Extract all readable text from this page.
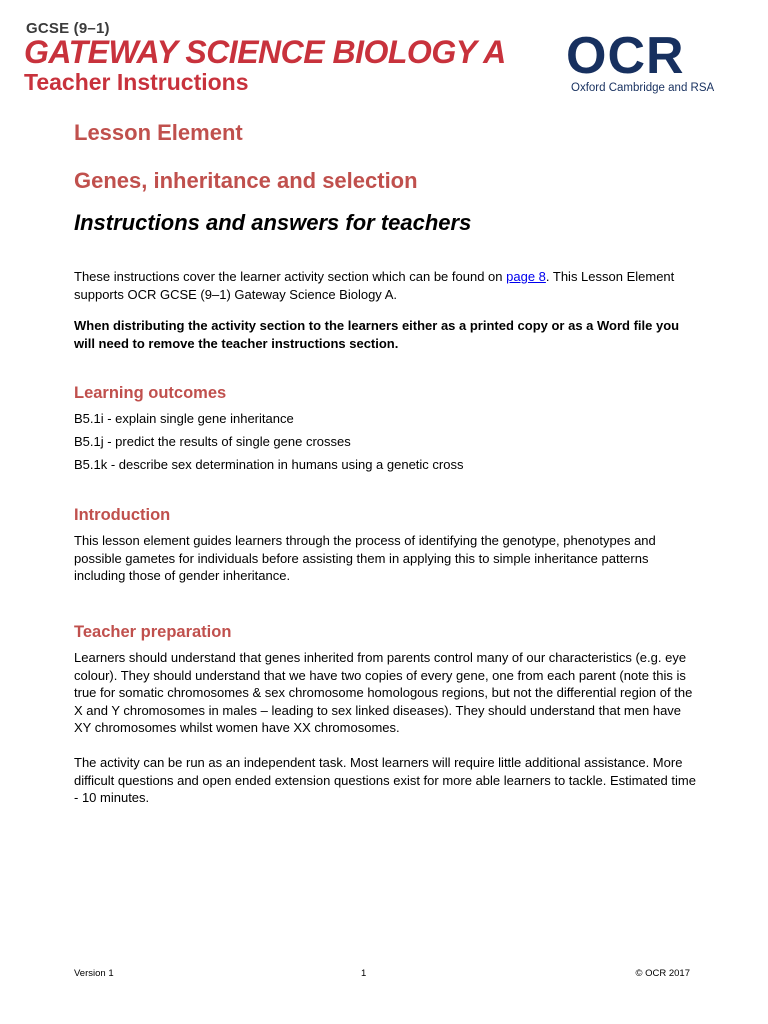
GCSE (9–1)
GATEWAY SCIENCE BIOLOGY A
Teacher Instructions	OCR
Oxford Cambridge and RSA
Lesson Element
Genes, inheritance and selection
Instructions and answers for teachers

These instructions cover the learner activity section which can be found on page 8. This Lesson Element supports OCR GCSE (9–1) Gateway Science Biology A.

When distributing the activity section to the learners either as a printed copy or as a Word file you will need to remove the teacher instructions section.

Learning outcomes
B5.1i - explain single gene inheritance
B5.1j - predict the results of single gene crosses
B5.1k - describe sex determination in humans using a genetic cross
Introduction

This lesson element guides learners through the process of identifying the genotype, phenotypes and possible gametes for individuals before assisting them in applying this to simple inheritance patterns including those of gender inheritance.

Teacher preparation

Learners should understand that genes inherited from parents control many of our characteristics (e.g. eye colour). They should understand that we have two copies of every gene, one from each parent (note this is true for somatic chromosomes & sex chromosome homologous regions, but not the differential region of the X and Y chromosomes in males – leading to sex linked diseases). They should understand that men have XY chromosomes whilst women have XX chromosomes.

The activity can be run as an independent task. Most learners will require little additional assistance. More difficult questions and open ended extension questions exist for more able learners to tackle. Estimated time - 10 minutes.

Version 1	1	© OCR 2017
